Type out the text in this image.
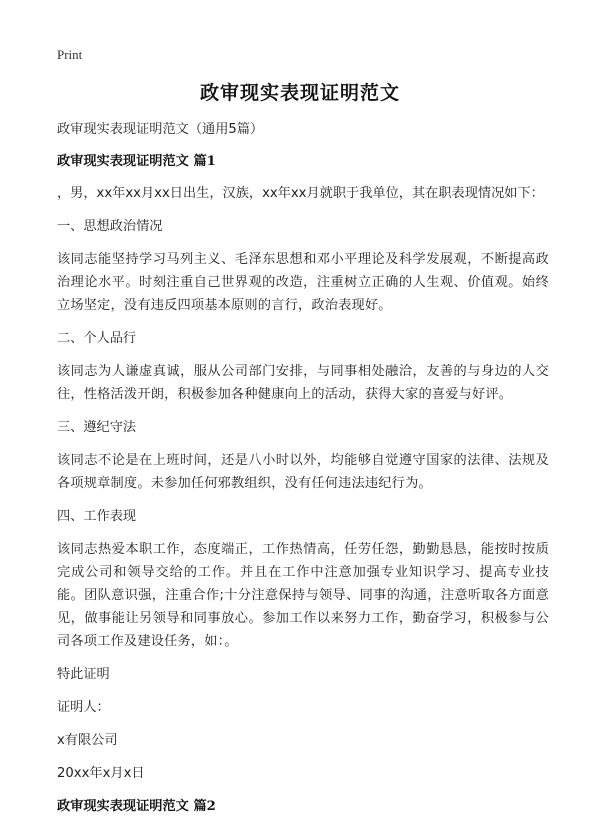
Print
政审现实表现证明范文

政审现实表现证明范文（通用5篇）

政审现实表现证明范文 篇1

，男，xx年xx月xx日出生，汉族，xx年xx月就职于我单位，其在职表现情况如下：

一、思想政治情况

该同志能坚持学习马列主义、毛泽东思想和邓小平理论及科学发展观，不断提高政治理论水平。时刻注重自己世界观的改造，注重树立正确的人生观、价值观。始终立场坚定，没有违反四项基本原则的言行，政治表现好。

二、个人品行

该同志为人谦虚真诚，服从公司部门安排，与同事相处融洽，友善的与身边的人交往，性格活泼开朗，积极参加各种健康向上的活动，获得大家的喜爱与好评。

三、遵纪守法

该同志不论是在上班时间，还是八小时以外，均能够自觉遵守国家的法律、法规及各项规章制度。未参加任何邪教组织，没有任何违法违纪行为。

四、工作表现

该同志热爱本职工作，态度端正，工作热情高，任劳任怨，勤勤恳恳，能按时按质完成公司和领导交给的工作。并且在工作中注意加强专业知识学习、提高专业技能。团队意识强，注重合作;十分注意保持与领导、同事的沟通，注意听取各方面意见，做事能让另领导和同事放心。参加工作以来努力工作，勤奋学习，积极参与公司各项工作及建设任务，如：。

特此证明

证明人：

x有限公司

20xx年x月x日

政审现实表现证明范文 篇2
